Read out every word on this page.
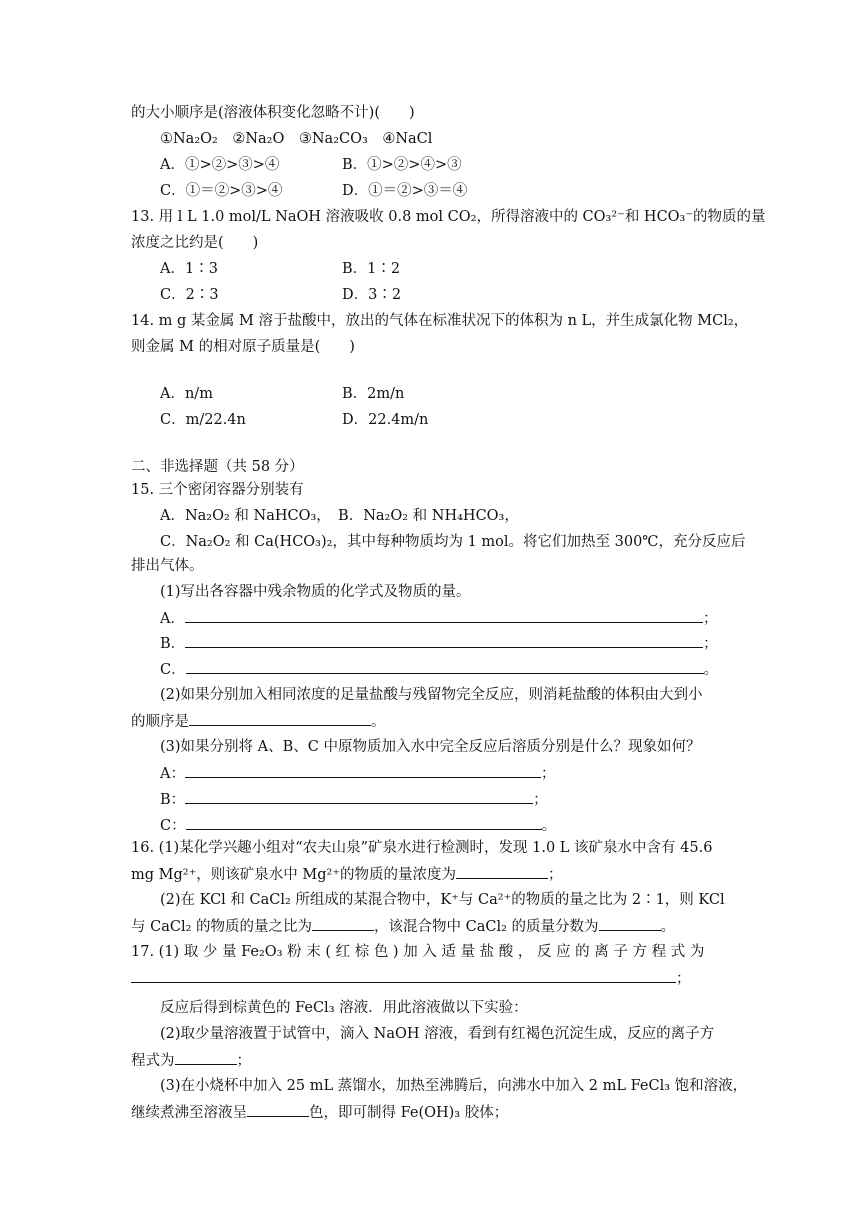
的大小顺序是(溶液体积变化忽略不计)(　　)
①Na₂O₂　②Na₂O　③Na₂CO₃　④NaCl
A．①>②>③>④	B．①>②>④>③
C．①＝②>③>④	D．①＝②>③＝④
13. 用 l L 1.0 mol/L NaOH 溶液吸收 0.8 mol CO₂，所得溶液中的 CO₃²⁻和 HCO₃⁻的物质的量
浓度之比约是(　　)
A．1∶3	B．1∶2
C．2∶3	D．3∶2
14. m g 某金属 M 溶于盐酸中，放出的气体在标准状况下的体积为 n L，并生成氯化物 MCl₂，
则金属 M 的相对原子质量是(　　)
A．n/m	B．2m/n
C．m/22.4n	D．22.4m/n
二、非选择题（共 58 分）
15. 三个密闭容器分别装有
A．Na₂O₂ 和 NaHCO₃，　B．Na₂O₂ 和 NH₄HCO₃，
C．Na₂O₂ 和 Ca(HCO₃)₂，其中每种物质均为 1 mol。将它们加热至 300℃，充分反应后
排出气体。
(1)写出各容器中残余物质的化学式及物质的量。
A．	；
B．	；
C．	。
(2)如果分别加入相同浓度的足量盐酸与残留物完全反应，则消耗盐酸的体积由大到小
的顺序是	。
(3)如果分别将 A、B、C 中原物质加入水中完全反应后溶质分别是什么？现象如何？
A：	；
B：	；
C：	。
16. (1)某化学兴趣小组对“农夫山泉”矿泉水进行检测时，发现 1.0 L 该矿泉水中含有 45.6
mg Mg²⁺，则该矿泉水中 Mg²⁺的物质的量浓度为	；
(2)在 KCl 和 CaCl₂ 所组成的某混合物中，K⁺与 Ca²⁺的物质的量之比为 2∶1，则 KCl
与 CaCl₂ 的物质的量之比为	，该混合物中 CaCl₂ 的质量分数为	。
17. (1) 取 少 量 Fe₂O₃ 粉 末 ( 红 棕 色 ) 加 入 适 量 盐 酸 ， 反 应 的 离 子 方 程 式 为
；
反应后得到棕黄色的 FeCl₃ 溶液．用此溶液做以下实验：
(2)取少量溶液置于试管中，滴入 NaOH 溶液，看到有红褐色沉淀生成，反应的离子方
程式为	；
(3)在小烧杯中加入 25 mL 蒸馏水，加热至沸腾后，向沸水中加入 2 mL FeCl₃ 饱和溶液，
继续煮沸至溶液呈	色，即可制得 Fe(OH)₃ 胶体；
